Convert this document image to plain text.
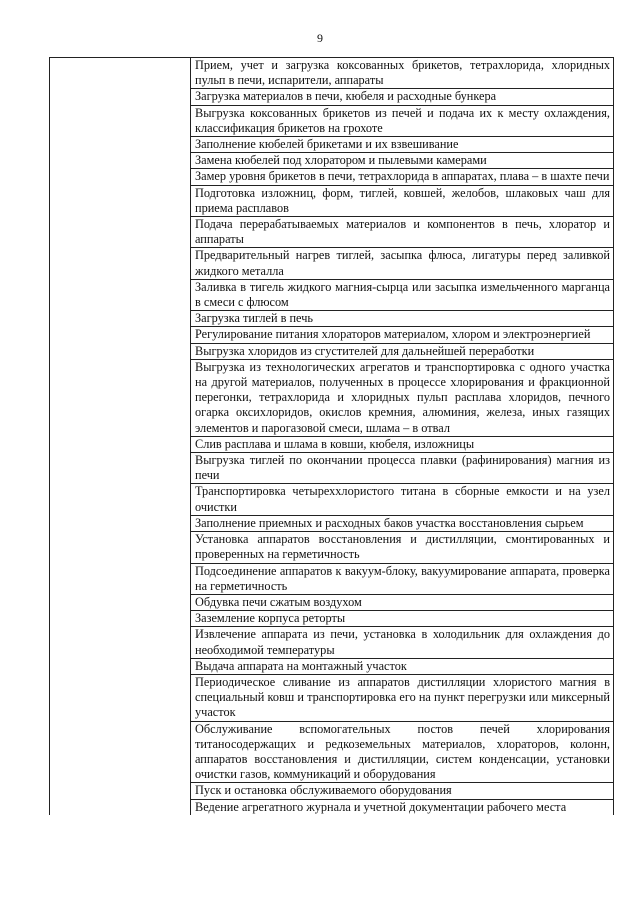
9
	Прием, учет и загрузка коксованных брикетов, тетрахлорида, хлоридных пульп в печи, испарители, аппараты
Загрузка материалов в печи, кюбеля и расходные бункера
Выгрузка коксованных брикетов из печей и подача их к месту охлаждения, классификация брикетов на грохоте
Заполнение кюбелей брикетами и их взвешивание
Замена кюбелей под хлоратором и пылевыми камерами
Замер уровня брикетов в печи, тетрахлорида в аппаратах, плава – в шахте печи
Подготовка изложниц, форм, тиглей, ковшей, желобов, шлаковых чаш для приема расплавов
Подача перерабатываемых материалов и компонентов в печь, хлоратор и аппараты
Предварительный нагрев тиглей, засыпка флюса, лигатуры перед заливкой жидкого металла
Заливка в тигель жидкого магния-сырца или засыпка измельченного марганца в смеси с флюсом
Загрузка тиглей в печь
Регулирование питания хлораторов материалом, хлором и электроэнергией
Выгрузка хлоридов из сгустителей для дальнейшей переработки
Выгрузка из технологических агрегатов и транспортировка с одного участка на другой материалов, полученных в процессе хлорирования и фракционной перегонки, тетрахлорида и хлоридных пульп расплава хлоридов, печного огарка оксихлоридов, окислов кремния, алюминия, железа, иных газящих элементов и парогазовой смеси, шлама – в отвал
Слив расплава и шлама в ковши, кюбеля, изложницы
Выгрузка тиглей по окончании процесса плавки (рафинирования) магния из печи
Транспортировка четыреххлористого титана в сборные емкости и на узел очистки
Заполнение приемных и расходных баков участка восстановления сырьем
Установка аппаратов восстановления и дистилляции, смонтированных и проверенных на герметичность
Подсоединение аппаратов к вакуум-блоку, вакуумирование аппарата, проверка на герметичность
Обдувка печи сжатым воздухом
Заземление корпуса реторты
Извлечение аппарата из печи, установка в холодильник для охлаждения до необходимой температуры
Выдача аппарата на монтажный участок
Периодическое сливание из аппаратов дистилляции хлористого магния в специальный ковш и транспортировка его на пункт перегрузки или миксерный участок
Обслуживание вспомогательных постов печей хлорирования титаносодержащих и редкоземельных материалов, хлораторов, колонн, аппаратов восстановления и дистилляции, систем конденсации, установки очистки газов, коммуникаций и оборудования
Пуск и остановка обслуживаемого оборудования
Ведение агрегатного журнала и учетной документации рабочего места
